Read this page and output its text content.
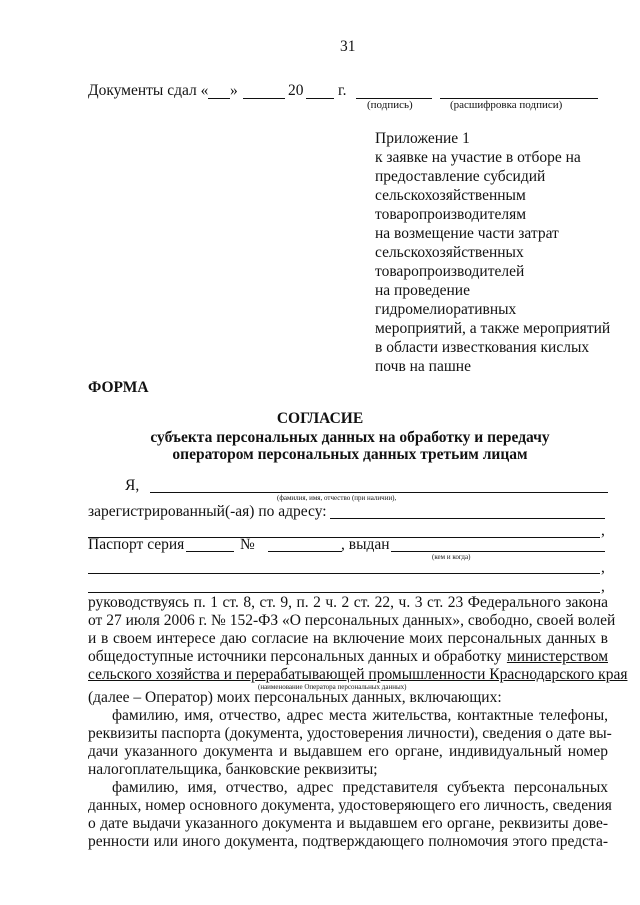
31
Документы сдал « »	20 г.
(подпись)	(расшифровка подписи)
Приложение 1
к заявке на участие в отборе на
предоставление субсидий
сельскохозяйственным
товаропроизводителям
на возмещение части затрат
сельскохозяйственных
товаропроизводителей
на проведение
гидромелиоративных
мероприятий, а также мероприятий
в области известкования кислых
почв на пашне
ФОРМА
СОГЛАСИЕ
субъекта персональных данных на обработку и передачу
оператором персональных данных третьим лицам
Я,
(фамилия, имя, отчество (при наличии),
зарегистрированный(-ая) по адресу:
,
Паспорт серия	№	, выдан
(кем и когда)
,
,
руководствуясь п. 1 ст. 8, ст. 9, п. 2 ч. 2 ст. 22, ч. 3 ст. 23 Федерального закона
от 27 июля 2006 г. № 152-ФЗ «О персональных данных», свободно, своей волей
и в своем интересе даю согласие на включение моих персональных данных в
общедоступные источники персональных данных и обработку министерством
сельского хозяйства и перерабатывающей промышленности Краснодарского края
(наименование Оператора персональных данных)
(далее – Оператор) моих персональных данных, включающих:
фамилию, имя, отчество, адрес места жительства, контактные телефоны,
реквизиты паспорта (документа, удостоверения личности), сведения о дате вы-
дачи указанного документа и выдавшем его органе, индивидуальный номер
налогоплательщика, банковские реквизиты;
фамилию, имя, отчество, адрес представителя субъекта персональных
данных, номер основного документа, удостоверяющего его личность, сведения
о дате выдачи указанного документа и выдавшем его органе, реквизиты дове-
ренности или иного документа, подтверждающего полномочия этого предста-
